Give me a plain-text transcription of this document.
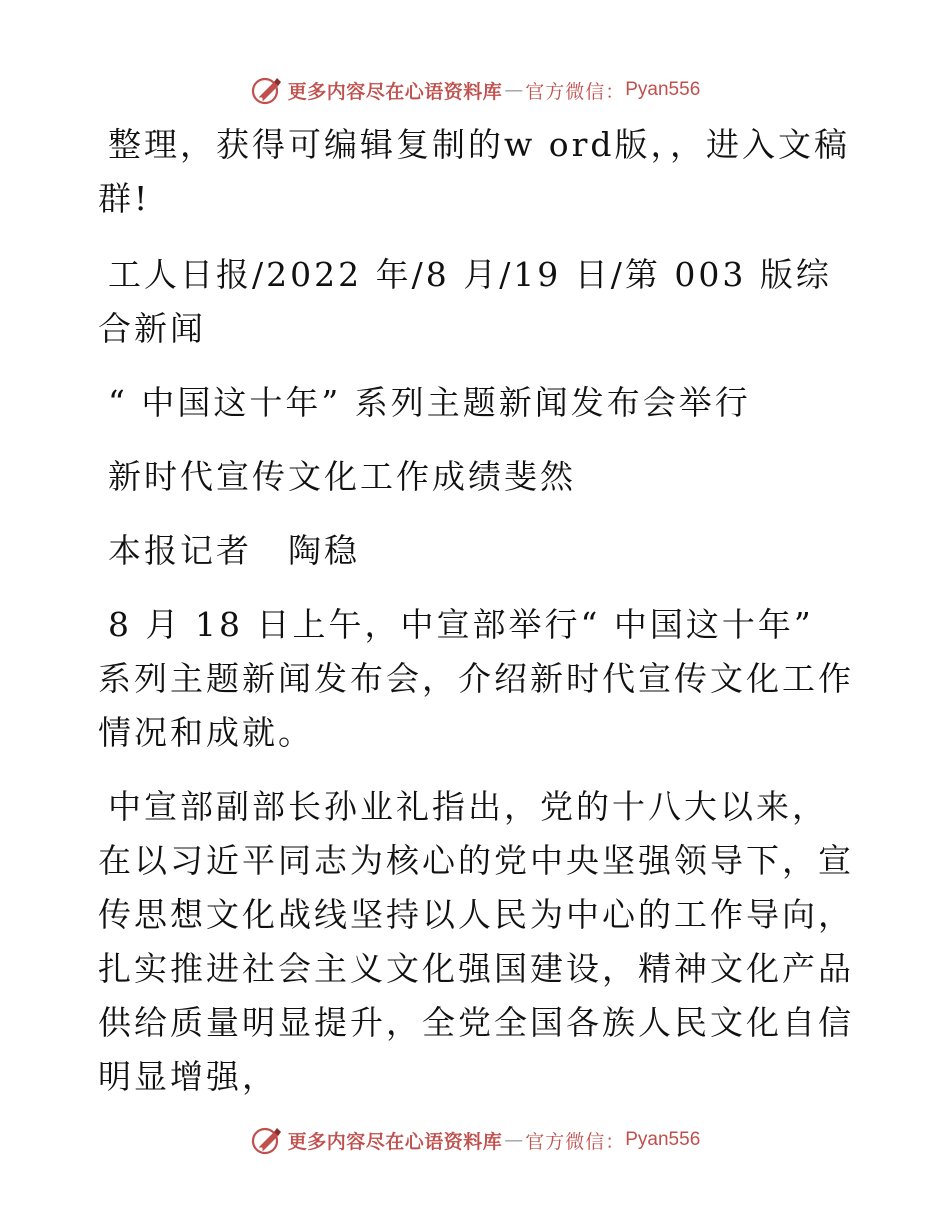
更多内容尽在心语资料库 — 官方微信： Pyan556

整理，获得可编辑复制的w ord版，，进入文稿群!

工人日报/2022 年/8 月/19 日/第 003 版综合新闻

“ 中国这十年” 系列主题新闻发布会举行

新时代宣传文化工作成绩斐然

本报记者　陶稳

8 月 18 日上午，中宣部举行“ 中国这十年” 系列主题新闻发布会，介绍新时代宣传文化工作情况和成就。

中宣部副部长孙业礼指出，党的十八大以来，在以习近平同志为核心的党中央坚强领导下，宣传思想文化战线坚持以人民为中心的工作导向，扎实推进社会主义文化强国建设，精神文化产品供给质量明显提升，全党全国各族人民文化自信明显增强，

更多内容尽在心语资料库 — 官方微信： Pyan556
